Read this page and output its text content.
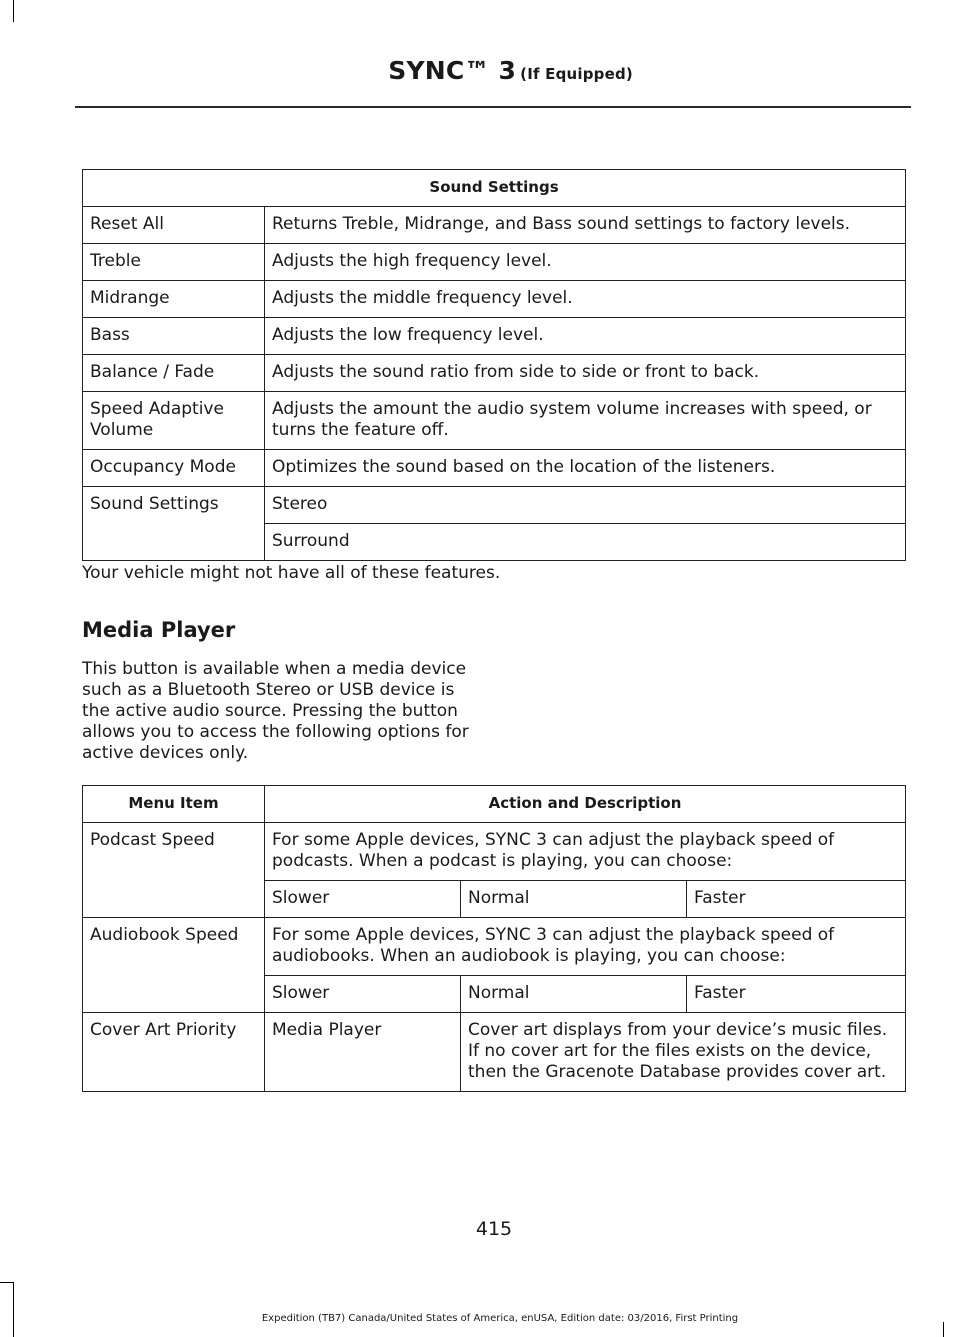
SYNC™ 3 (If Equipped)
Sound Settings	
Reset All	Returns Treble, Midrange, and Bass sound settings to factory levels.
Treble	Adjusts the high frequency level.
Midrange	Adjusts the middle frequency level.
Bass	Adjusts the low frequency level.
Balance / Fade	Adjusts the sound ratio from side to side or front to back.
Speed Adaptive Volume	Adjusts the amount the audio system volume increases with speed, or turns the feature off.
Occupancy Mode	Optimizes the sound based on the location of the listeners.
Sound Settings	Stereo
	Surround
Your vehicle might not have all of these features.
Media Player
This button is available when a media device such as a Bluetooth Stereo or USB device is the active audio source. Pressing the button allows you to access the following options for active devices only.
Menu Item	Action and Description		
Podcast Speed	For some Apple devices, SYNC 3 can adjust the playback speed of podcasts. When a podcast is playing, you can choose:		
	Slower	Normal	Faster
Audiobook Speed	For some Apple devices, SYNC 3 can adjust the playback speed of audiobooks. When an audiobook is playing, you can choose:		
	Slower	Normal	Faster
Cover Art Priority	Media Player	Cover art displays from your device’s music files. If no cover art for the files exists on the device, then the Gracenote Database provides cover art.	
415
Expedition (TB7) Canada/United States of America, enUSA, Edition date: 03/2016, First Printing
